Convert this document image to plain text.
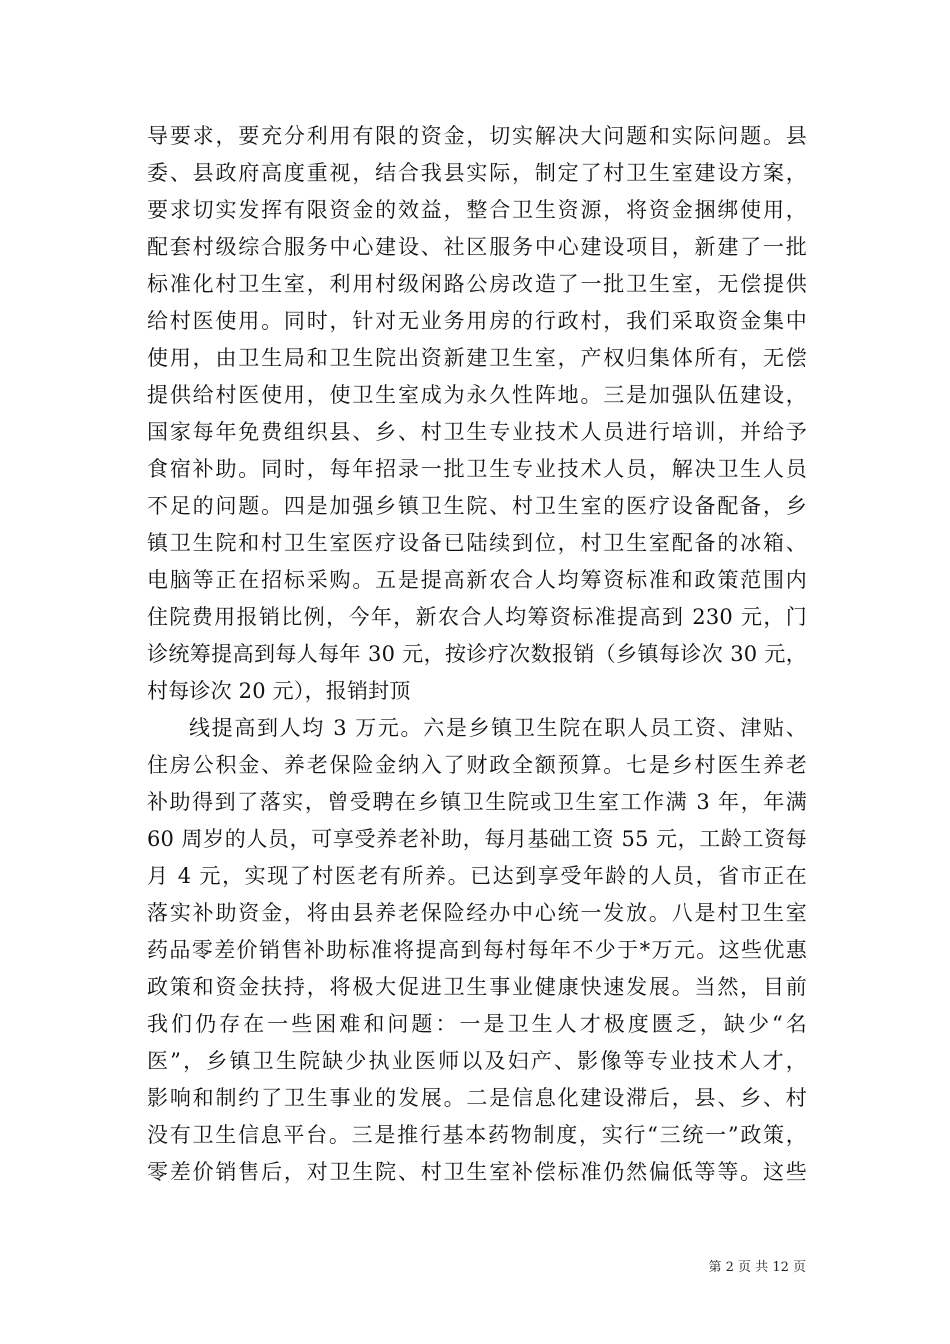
导要求，要充分利用有限的资金，切实解决大问题和实际问题。县
委、县政府高度重视，结合我县实际，制定了村卫生室建设方案，
要求切实发挥有限资金的效益，整合卫生资源，将资金捆绑使用，
配套村级综合服务中心建设、社区服务中心建设项目，新建了一批
标准化村卫生室，利用村级闲路公房改造了一批卫生室，无偿提供
给村医使用。同时，针对无业务用房的行政村，我们采取资金集中
使用，由卫生局和卫生院出资新建卫生室，产权归集体所有，无偿
提供给村医使用，使卫生室成为永久性阵地。三是加强队伍建设，
国家每年免费组织县、乡、村卫生专业技术人员进行培训，并给予
食宿补助。同时，每年招录一批卫生专业技术人员，解决卫生人员
不足的问题。四是加强乡镇卫生院、村卫生室的医疗设备配备，乡
镇卫生院和村卫生室医疗设备已陆续到位，村卫生室配备的冰箱、
电脑等正在招标采购。五是提高新农合人均筹资标准和政策范围内
住院费用报销比例，今年，新农合人均筹资标准提高到 230 元，门
诊统筹提高到每人每年 30 元，按诊疗次数报销（乡镇每诊次 30 元，
村每诊次 20 元），报销封顶
线提高到人均 3 万元。六是乡镇卫生院在职人员工资、津贴、
住房公积金、养老保险金纳入了财政全额预算。七是乡村医生养老
补助得到了落实，曾受聘在乡镇卫生院或卫生室工作满 3 年，年满
60 周岁的人员，可享受养老补助，每月基础工资 55 元，工龄工资每
月 4 元，实现了村医老有所养。已达到享受年龄的人员，省市正在
落实补助资金，将由县养老保险经办中心统一发放。八是村卫生室
药品零差价销售补助标准将提高到每村每年不少于*万元。这些优惠
政策和资金扶持，将极大促进卫生事业健康快速发展。当然，目前
我们仍存在一些困难和问题：一是卫生人才极度匮乏，缺少“名
医”，乡镇卫生院缺少执业医师以及妇产、影像等专业技术人才，
影响和制约了卫生事业的发展。二是信息化建设滞后，县、乡、村
没有卫生信息平台。三是推行基本药物制度，实行“三统一”政策，
零差价销售后，对卫生院、村卫生室补偿标准仍然偏低等等。这些
第 2 页 共 12 页
